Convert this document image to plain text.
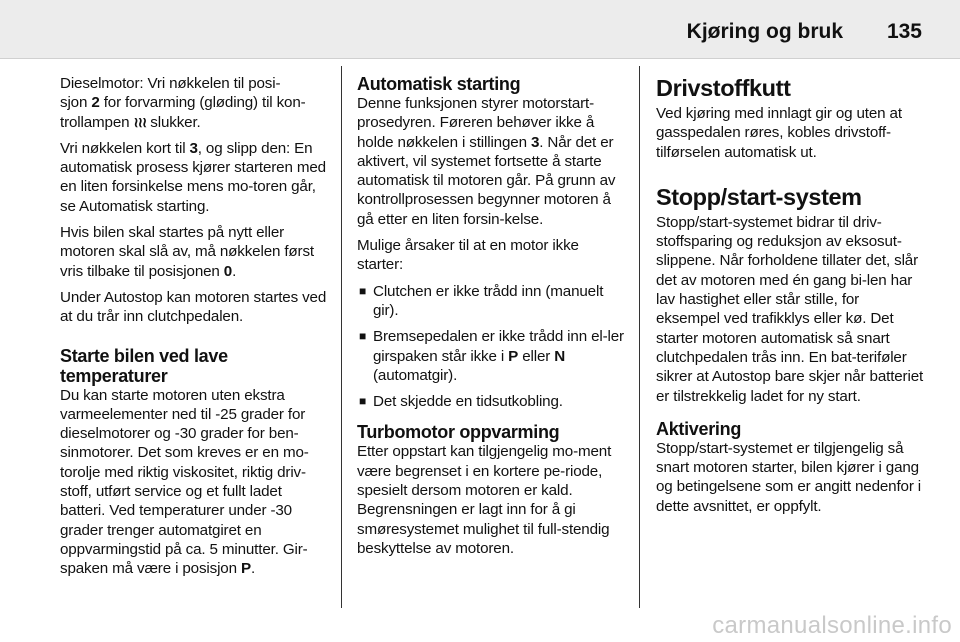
Kjøring og bruk 135

Dieselmotor: Vri nøkkelen til posi-
sjon 2 for forvarming (gløding) til kon-
trollampen ≀≀≀ slukker.

Vri nøkkelen kort til 3, og slipp den: En automatisk prosess kjører starteren med en liten forsinkelse mens mo-toren går, se Automatisk starting.

Hvis bilen skal startes på nytt eller motoren skal slå av, må nøkkelen først vris tilbake til posisjonen 0.

Under Autostop kan motoren startes ved at du trår inn clutchpedalen.

Starte bilen ved lave temperaturer

Du kan starte motoren uten ekstra varmeelementer ned til -25 grader for dieselmotorer og -30 grader for ben-sinmotorer. Det som kreves er en mo-torolje med riktig viskositet, riktig driv-stoff, utført service og et fullt ladet batteri. Ved temperaturer under -30 grader trenger automatgiret en oppvarmingstid på ca. 5 minutter. Gir-spaken må være i posisjon P.

Automatisk starting

Denne funksjonen styrer motorstart-prosedyren. Føreren behøver ikke å holde nøkkelen i stillingen 3. Når det er aktivert, vil systemet fortsette å starte automatisk til motoren går. På grunn av kontrollprosessen begynner motoren å gå etter en liten forsin-kelse.

Mulige årsaker til at en motor ikke starter:

■ Clutchen er ikke trådd inn (manuelt gir).
■ Bremsepedalen er ikke trådd inn el-ler girspaken står ikke i P eller N (automatgir).
■ Det skjedde en tidsutkobling.
Turbomotor oppvarming

Etter oppstart kan tilgjengelig mo-ment være begrenset i en kortere pe-riode, spesielt dersom motoren er kald. Begrensningen er lagt inn for å gi smøresystemet mulighet til full-stendig beskyttelse av motoren.

Drivstoffkutt

Ved kjøring med innlagt gir og uten at gasspedalen røres, kobles drivstoff-tilførselen automatisk ut.

Stopp/start-system

Stopp/start-systemet bidrar til driv-stoffsparing og reduksjon av eksosut-slippene. Når forholdene tillater det, slår det av motoren med én gang bi-len har lav hastighet eller står stille, for eksempel ved trafikklys eller kø. Det starter motoren automatisk så snart clutchpedalen trås inn. En bat-teriføler sikrer at Autostop bare skjer når batteriet er tilstrekkelig ladet for ny start.

Aktivering

Stopp/start-systemet er tilgjengelig så snart motoren starter, bilen kjører i gang og betingelsene som er angitt nedenfor i dette avsnittet, er oppfylt.

carmanualsonline.info
